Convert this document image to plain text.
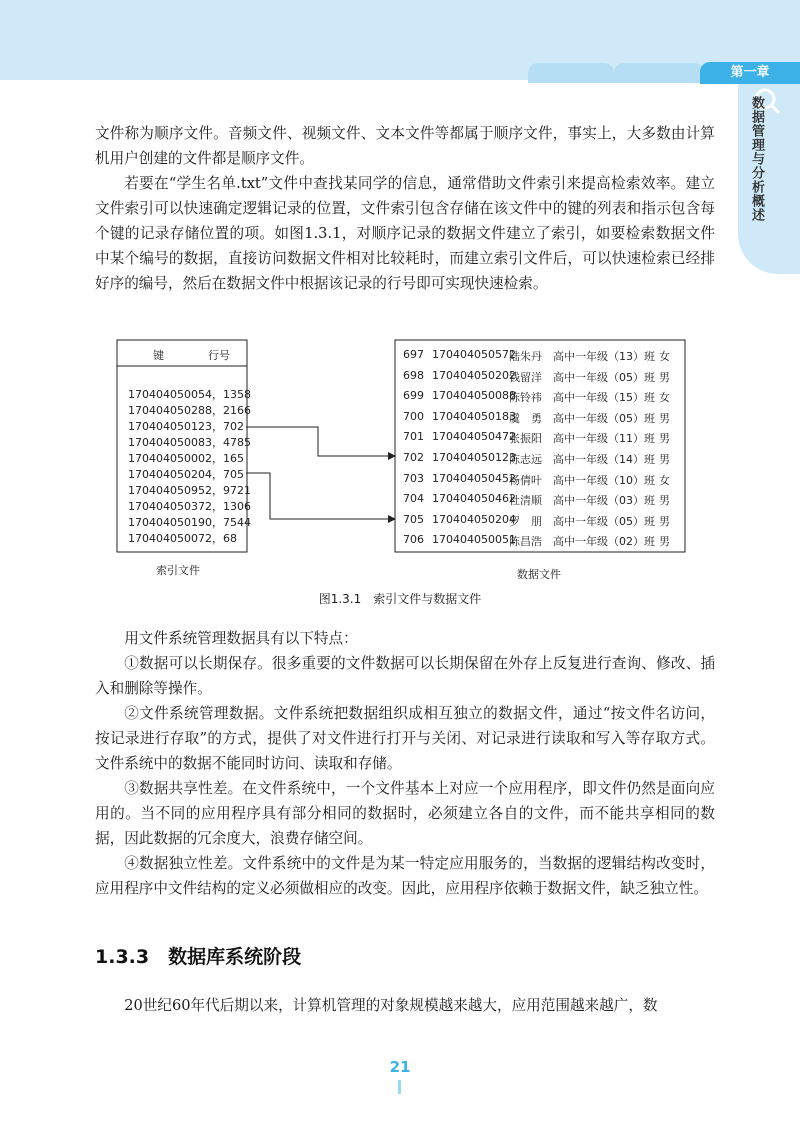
第一章
数据管理与分析概述

文件称为顺序文件。音频文件、视频文件、文本文件等都属于顺序文件，事实上，大多数由计算机用户创建的文件都是顺序文件。

若要在“学生名单.txt”文件中查找某同学的信息，通常借助文件索引来提高检索效率。建立文件索引可以快速确定逻辑记录的位置，文件索引包含存储在该文件中的键的列表和指示包含每个键的记录存储位置的项。如图1.3.1，对顺序记录的数据文件建立了索引，如要检索数据文件中某个编号的数据，直接访问数据文件相对比较耗时，而建立索引文件后，可以快速检索已经排好序的编号，然后在数据文件中根据该记录的行号即可实现快速检索。

键	行号
170404050054，1358
170404050288，2166
170404050123，702
170404050083，4785
170404050002，165
170404050204，705
170404050952，9721
170404050372，1306
170404050190，7544
170404050072，68
索引文件
697 170404050572
陆朱丹 高中一年级（13）班 女
698 170404050202
钱留洋 高中一年级（05）班 男
699 170404050088
陈铃祎 高中一年级（15）班 女
700 170404050183
虞　勇 高中一年级（05）班 男
701 170404050472
张振阳 高中一年级（11）班 男
702 170404050123
陈志远 高中一年级（14）班 男
703 170404050452
杨倩叶 高中一年级（10）班 女
704 170404050462
杜清顺 高中一年级（03）班 男
705 170404050204
罗　朋 高中一年级（05）班 男
706 170404050051
陈昌浩 高中一年级（02）班 男
数据文件
图1.3.1　索引文件与数据文件

用文件系统管理数据具有以下特点：

①数据可以长期保存。很多重要的文件数据可以长期保留在外存上反复进行查询、修改、插入和删除等操作。

②文件系统管理数据。文件系统把数据组织成相互独立的数据文件，通过“按文件名访问，按记录进行存取”的方式，提供了对文件进行打开与关闭、对记录进行读取和写入等存取方式。文件系统中的数据不能同时访问、读取和存储。

③数据共享性差。在文件系统中，一个文件基本上对应一个应用程序，即文件仍然是面向应用的。当不同的应用程序具有部分相同的数据时，必须建立各自的文件，而不能共享相同的数据，因此数据的冗余度大，浪费存储空间。

④数据独立性差。文件系统中的文件是为某一特定应用服务的，当数据的逻辑结构改变时，应用程序中文件结构的定义必须做相应的改变。因此，应用程序依赖于数据文件，缺乏独立性。

1.3.3　数据库系统阶段

20世纪60年代后期以来，计算机管理的对象规模越来越大，应用范围越来越广，数

21
